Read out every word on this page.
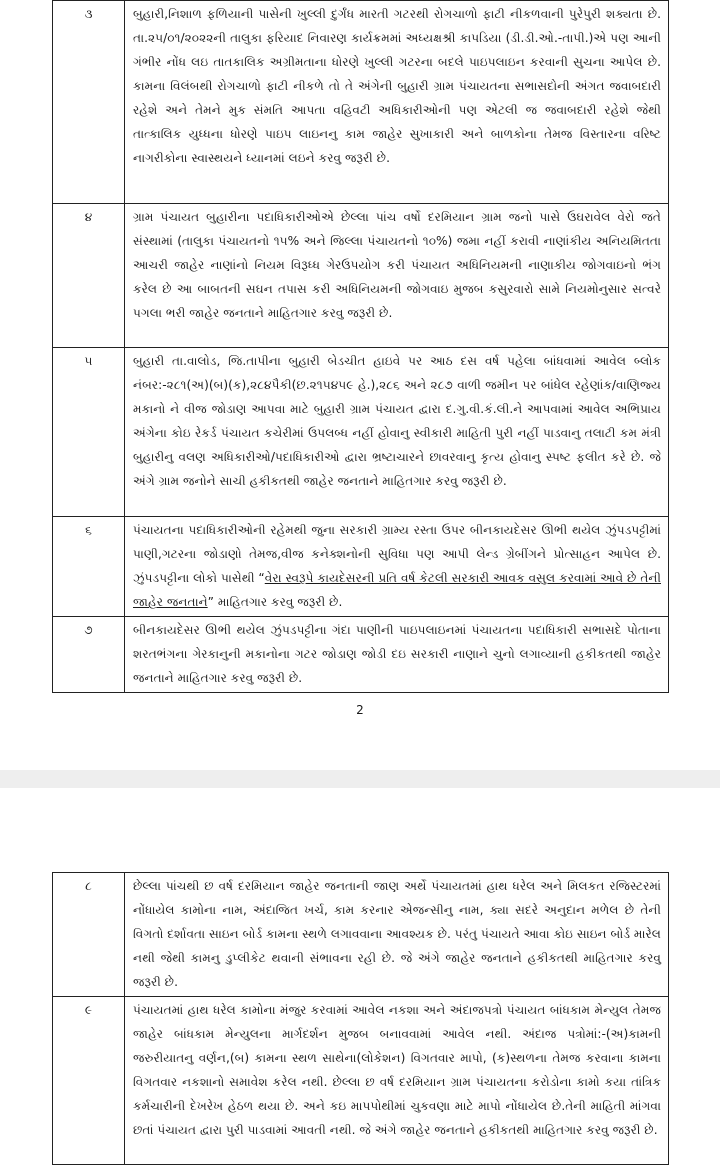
૩	બુહારી,નિશાળ ફળિયાની પાસેની ખુલ્લી દુર્ગંધ મારતી ગટરથી રોગચાળો ફાટી નીકળવાની પુરેપુરી શક્યતા છે. તા.૨૫/૦૧/૨૦૨૨ની તાલુકા ફરિયાદ નિવારણ કાર્યક્રમમાં અધ્યક્ષશ્રી કાપડિયા (ડી.ડી.ઓ.-તાપી.)એ પણ આની ગંભીર નોંધ લઇ તાતકાલિક અગ્રીમતાના ધોરણે ખુલ્લી ગટરના બદલે પાઇપલાઇન કરવાની સુચના આપેલ છે. કામના વિલંબથી રોગચાળો ફાટી નીકળે તો તે અંગેની બુહારી ગ્રામ પંચાયતના સભાસદોની અંગત જવાબદારી રહેશે અને તેમને મુક સંમતિ આપતા વહિવટી અધિકારીઓની પણ એટલી જ જવાબદારી રહેશે જેથી તાત્કાલિક યુધ્ધના ધોરણે પાઇપ લાઇનનુ કામ જાહેર સુખાકારી અને બાળકોના તેમજ વિસ્તારના વરિષ્ટ નાગરીકોના સ્વાસ્થયને ધ્યાનમાં લઇને કરવુ જરૂરી છે.
૪	ગ્રામ પંચાયત બુહારીના પદાધિકારીઓએ છેલ્લા પાંચ વર્ષો દરમિયાન ગ્રામ જનો પાસે ઉઘરાવેલ વેરો જતે સંસ્થામાં (તાલુકા પંચાયતનો ૧૫% અને જિલ્લા પંચાયતનો ૧૦%) જમા નહીં કરાવી નાણાંકીય અનિયમિતતા આચરી જાહેર નાણાંનો નિયમ વિરૂધ્ધ ગેરઉપયોગ કરી પંચાયત અધિનિયમની નાણાકીય જોગવાઇનો ભંગ કરેલ છે આ બાબતની સઘન તપાસ કરી અધિનિયમની જોગવાઇ મુજબ કસુરવારો સામે નિયમોનુસાર સત્વરે પગલા ભરી જાહેર જનતાને માહિતગાર કરવુ જરૂરી છે.
૫	બુહારી તા.વાલોડ, જિ.તાપીના બુહારી બેડચીત હાઇવે પર આઠ દસ વર્ષ પહેલા બાંધવામાં આવેલ બ્લોક નંબર:-૨૮૧(અ)(બ)(ક),૨૮૪પૈકી(છ.૨૧૫૪૫૯ હે.),૨૮૬ અને ૨૮૭ વાળી જમીન પર બાંધેલ રહેણાંક/વાણિજ્ય મકાનો ને વીજ જોડાણ આપવા માટે બુહારી ગ્રામ પંચાયત દ્વારા દ.ગુ.વી.કં.લી.ને આપવામાં આવેલ અભિપ્રાય અંગેના કોઇ રેકર્ડ પંચાયત કચેરીમાં ઉપલબ્ધ નહીં હોવાનુ સ્વીકારી માહિતી પુરી નહીં પાડવાનુ તલાટી કમ મંત્રી બુહારીનુ વલણ અધિકારીઓ/પદાધિકારીઓ દ્વારા ભ્રષ્ટાચારને છાવરવાનુ કૃત્ય હોવાનુ સ્પષ્ટ ફલીત કરે છે. જે અંગે ગ્રામ જનોને સાચી હકીકતથી જાહેર જનતાને માહિતગાર કરવુ જરૂરી છે.
૬	પંચાયતના પદાધિકારીઓની રહેમથી જુના સરકારી ગ્રામ્ય રસ્તા ઉપર બીનકાયદેસર ઊભી થયેલ ઝુંપડપટ્ટીમાં પાણી,ગટરના જોડાણો તેમજ,વીજ કનેક્શનોની સુવિધા પણ આપી લેન્ડ ગ્રેબીંગને પ્રોત્સાહન આપેલ છે. ઝુંપડપટ્ટીના લોકો પાસેથી “વેરા સ્વરૂપે કાયદેસરની પ્રતિ વર્ષ કેટલી સરકારી આવક વસુલ કરવામાં આવે છે તેની જાહેર જનતાને” માહિતગાર કરવુ જરૂરી છે.
૭	બીનકાયદેસર ઊભી થયેલ ઝુંપડપટ્ટીના ગંદા પાણીની પાઇપલાઇનમાં પંચાયતના પદાધિકારી સભાસદે પોતાના શરતભંગના ગેરકાનુની મકાનોના ગટર જોડાણ જોડી દઇ સરકારી નાણાને ચુનો લગાવ્યાની હકીકતથી જાહેર જનતાને માહિતગાર કરવુ જરૂરી છે.
2
૮	છેલ્લા પાંચથી છ વર્ષ દરમિયાન જાહેર જનતાની જાણ અર્થે પંચાયતમાં હાથ ધરેલ અને મિલકત રજિસ્ટરમાં નોંધાયેલ કામોના નામ, અંદાજિત ખર્ચ, કામ કરનાર એજન્સીનુ નામ, ક્યા સદરે અનુદાન મળેલ છે તેની વિગતો દર્શાવતા સાઇન બોર્ડ કામના સ્થળે લગાવવાના આવશ્યક છે. પરંતુ પંચાયતે આવા કોઇ સાઇન બોર્ડ મારેલ નથી જેથી કામનુ ડુપ્લીકેટ થવાની સંભાવના રહી છે. જે અંગે જાહેર જનતાને હકીકતથી માહિતગાર કરવુ જરૂરી છે.
૯	પંચાયતમાં હાથ ધરેલ કામોના મંજુર કરવામાં આવેલ નકશા અને અંદાજપત્રો પંચાયત બાંધકામ મેન્યુલ તેમજ જાહેર બાંધકામ મેન્યુલના માર્ગદર્શન મુજબ બનાવવામાં આવેલ નથી. અંદાજ પત્રોમાં:-(અ)કામની જરુરીયાતનુ વર્ણન,(બ) કામના સ્થળ સાથેના(લોકેશન) વિગતવાર માપો, (ક)સ્થળના તેમજ કરવાના કામના વિગતવાર નકશાનો સમાવેશ કરેલ નથી. છેલ્લા છ વર્ષ દરમિયાન ગ્રામ પંચાયતના કરોડોના કામો કયા તાંત્રિક કર્મચારીની દેખરેખ હેઠળ થયા છે. અને કઇ માપપોથીમાં ચુકવણા માટે માપો નોંધાયેલ છે.તેની માહિતી માંગવા છતાં પંચાયત દ્વારા પુરી પાડવામાં આવતી નથી. જે અંગે જાહેર જનતાને હકીકતથી માહિતગાર કરવુ જરૂરી છે.
